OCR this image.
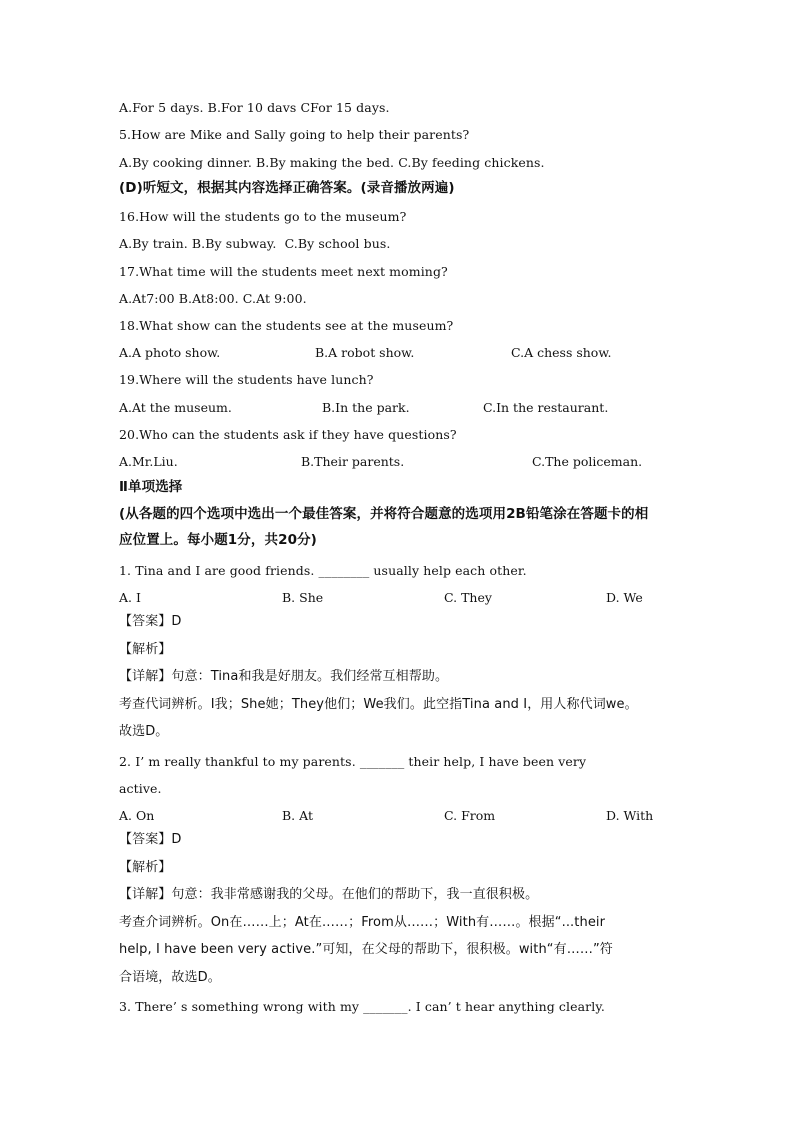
A.For 5 days. B.For 10 davs CFor 15 days.
5.How are Mike and Sally going to help their parents?
A.By cooking dinner. B.By making the bed. C.By feeding chickens.
(D)听短文，根据其内容选择正确答案。(录音播放两遍)
16.How will the students go to the museum?
A.By train. B.By subway.  C.By school bus.
17.What time will the students meet next moming?
A.At7:00 B.At8:00. C.At 9:00.
18.What show can the students see at the museum?
A.A photo show.	B.A robot show.	C.A chess show.
19.Where will the students have lunch?
A.At the museum.	B.In the park.	C.In the restaurant.
20.Who can the students ask if they have questions?
A.Mr.Liu.	B.Their parents.	C.The policeman.
Ⅱ单项选择
(从各题的四个选项中选出一个最佳答案，并将符合题意的选项用2B铅笔涂在答题卡的相
应位置上。每小题1分，共20分)
1. Tina and I are good friends. ________ usually help each other.
A. I	B. She	C. They	D. We
【答案】D
【解析】
【详解】句意：Tina和我是好朋友。我们经常互相帮助。
考查代词辨析。I我；She她；They他们；We我们。此空指Tina and I，用人称代词we。
故选D。
2. I’ m really thankful to my parents. _______ their help, I have been very
active.
A. On	B. At	C. From	D. With
【答案】D
【解析】
【详解】句意：我非常感谢我的父母。在他们的帮助下，我一直很积极。
考查介词辨析。On在……上；At在……；From从……；With有……。根据“...their
help, I have been very active.”可知，在父母的帮助下，很积极。with“有……”符
合语境，故选D。
3. There’ s something wrong with my _______. I can’ t hear anything clearly.
